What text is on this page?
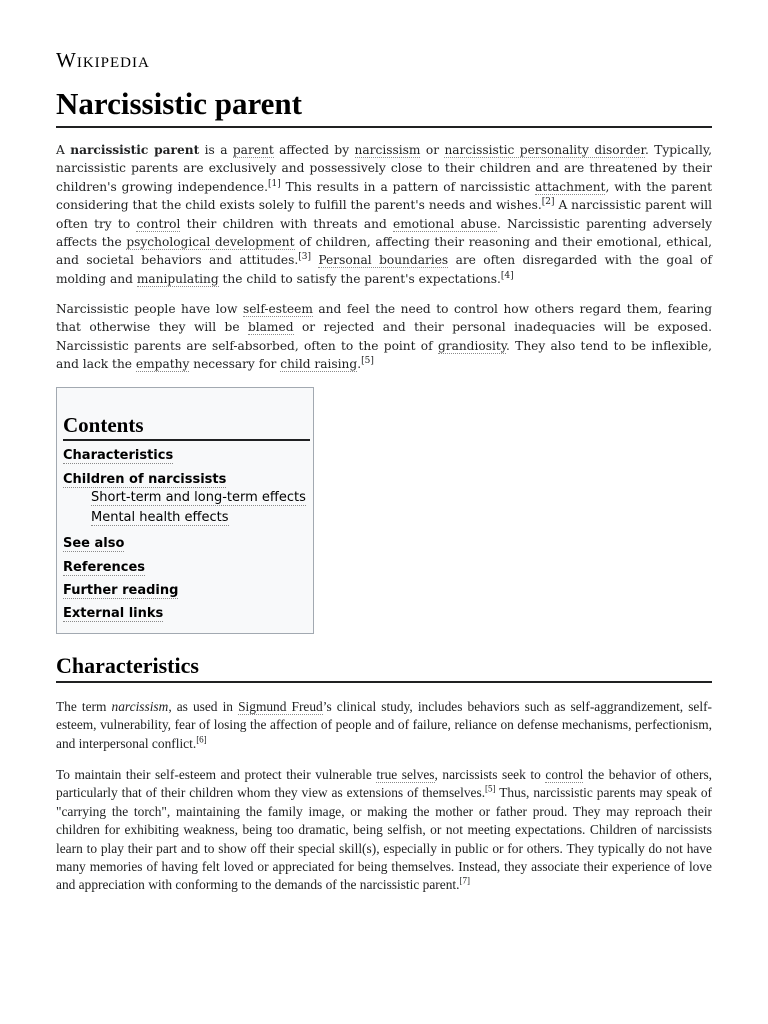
Wikipedia
Narcissistic parent

A narcissistic parent is a parent affected by narcissism or narcissistic personality disorder. Typically, narcissistic parents are exclusively and possessively close to their children and are threatened by their children's growing independence.[1] This results in a pattern of narcissistic attachment, with the parent considering that the child exists solely to fulfill the parent's needs and wishes.[2] A narcissistic parent will often try to control their children with threats and emotional abuse. Narcissistic parenting adversely affects the psychological development of children, affecting their reasoning and their emotional, ethical, and societal behaviors and attitudes.[3] Personal boundaries are often disregarded with the goal of molding and manipulating the child to satisfy the parent's expectations.[4]

Narcissistic people have low self-esteem and feel the need to control how others regard them, fearing that otherwise they will be blamed or rejected and their personal inadequacies will be exposed. Narcissistic parents are self-absorbed, often to the point of grandiosity. They also tend to be inflexible, and lack the empathy necessary for child raising.[5]

Contents
Characteristics
Children of narcissists
Short-term and long-term effects
Mental health effects
See also
References
Further reading
External links
Characteristics

The term narcissism, as used in Sigmund Freud’s clinical study, includes behaviors such as self-aggrandizement, self-esteem, vulnerability, fear of losing the affection of people and of failure, reliance on defense mechanisms, perfectionism, and interpersonal conflict.[6]

To maintain their self-esteem and protect their vulnerable true selves, narcissists seek to control the behavior of others, particularly that of their children whom they view as extensions of themselves.[5] Thus, narcissistic parents may speak of "carrying the torch", maintaining the family image, or making the mother or father proud. They may reproach their children for exhibiting weakness, being too dramatic, being selfish, or not meeting expectations. Children of narcissists learn to play their part and to show off their special skill(s), especially in public or for others. They typically do not have many memories of having felt loved or appreciated for being themselves. Instead, they associate their experience of love and appreciation with conforming to the demands of the narcissistic parent.[7]
